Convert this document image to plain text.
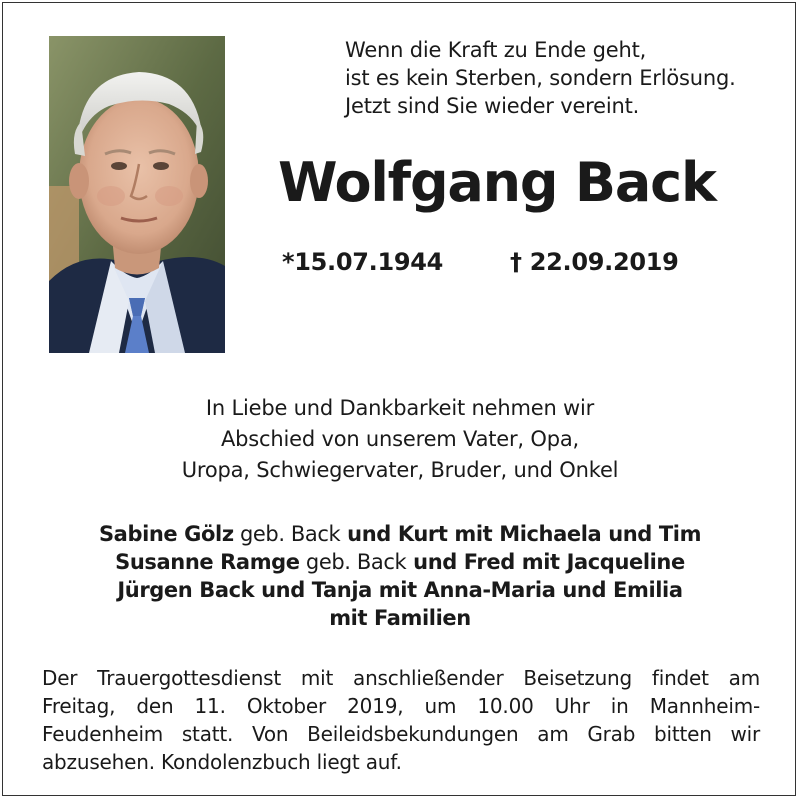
Wenn die Kraft zu Ende geht,
ist es kein Sterben, sondern Erlösung.
Jetzt sind Sie wieder vereint.
Wolfgang Back
*15.07.1944	† 22.09.2019
In Liebe und Dankbarkeit nehmen wir
Abschied von unserem Vater, Opa,
Uropa, Schwiegervater, Bruder, und Onkel
Sabine Gölz geb. Back und Kurt mit Michaela und Tim
Susanne Ramge geb. Back und Fred mit Jacqueline
Jürgen Back und Tanja mit Anna-Maria und Emilia
mit Familien
Der Trauergottesdienst mit anschließender Beisetzung findet am
Freitag, den 11. Oktober 2019, um 10.00 Uhr in Mannheim-
Feudenheim statt. Von Beileidsbekundungen am Grab bitten wir
abzusehen. Kondolenzbuch liegt auf.
